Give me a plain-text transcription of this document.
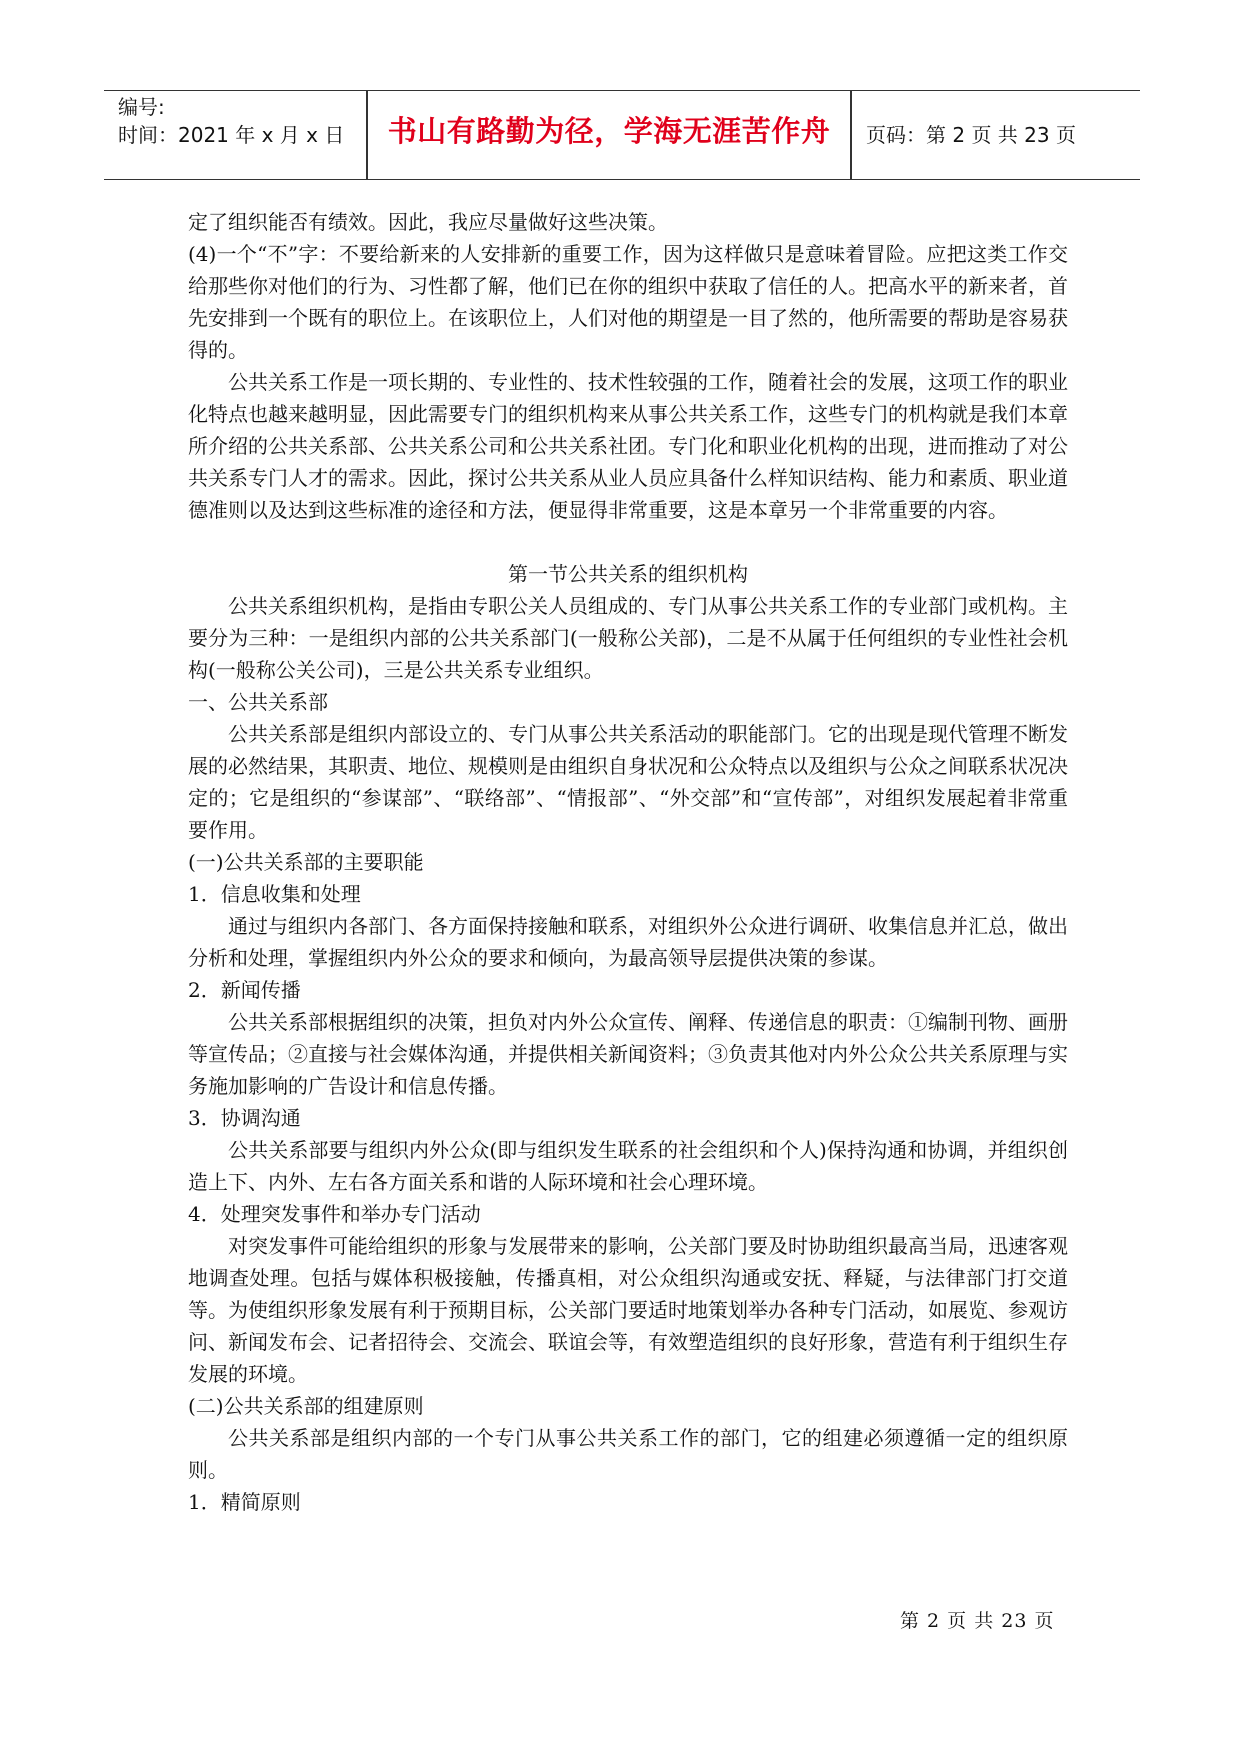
编号:
时间：2021 年 x 月 x 日	书山有路勤为径，学海无涯苦作舟	页码：第 2 页 共 23 页

定了组织能否有绩效。因此，我应尽量做好这些决策。

(4)一个“不”字：不要给新来的人安排新的重要工作，因为这样做只是意味着冒险。应把这类工作交给那些你对他们的行为、习性都了解，他们已在你的组织中获取了信任的人。把高水平的新来者，首先安排到一个既有的职位上。在该职位上，人们对他的期望是一目了然的，他所需要的帮助是容易获得的。

公共关系工作是一项长期的、专业性的、技术性较强的工作，随着社会的发展，这项工作的职业化特点也越来越明显，因此需要专门的组织机构来从事公共关系工作，这些专门的机构就是我们本章所介绍的公共关系部、公共关系公司和公共关系社团。专门化和职业化机构的出现，进而推动了对公共关系专门人才的需求。因此，探讨公共关系从业人员应具备什么样知识结构、能力和素质、职业道德准则以及达到这些标准的途径和方法，便显得非常重要，这是本章另一个非常重要的内容。

第一节公共关系的组织机构

公共关系组织机构，是指由专职公关人员组成的、专门从事公共关系工作的专业部门或机构。主要分为三种：一是组织内部的公共关系部门(一般称公关部)，二是不从属于任何组织的专业性社会机构(一般称公关公司)，三是公共关系专业组织。

一、公共关系部

公共关系部是组织内部设立的、专门从事公共关系活动的职能部门。它的出现是现代管理不断发展的必然结果，其职责、地位、规模则是由组织自身状况和公众特点以及组织与公众之间联系状况决定的；它是组织的“参谋部”、“联络部”、“情报部”、“外交部”和“宣传部”，对组织发展起着非常重要作用。

(一)公共关系部的主要职能

1．信息收集和处理

通过与组织内各部门、各方面保持接触和联系，对组织外公众进行调研、收集信息并汇总，做出分析和处理，掌握组织内外公众的要求和倾向，为最高领导层提供决策的参谋。

2．新闻传播

公共关系部根据组织的决策，担负对内外公众宣传、阐释、传递信息的职责：①编制刊物、画册等宣传品；②直接与社会媒体沟通，并提供相关新闻资料；③负责其他对内外公众公共关系原理与实务施加影响的广告设计和信息传播。

3．协调沟通

公共关系部要与组织内外公众(即与组织发生联系的社会组织和个人)保持沟通和协调，并组织创造上下、内外、左右各方面关系和谐的人际环境和社会心理环境。

4．处理突发事件和举办专门活动

对突发事件可能给组织的形象与发展带来的影响，公关部门要及时协助组织最高当局，迅速客观地调查处理。包括与媒体积极接触，传播真相，对公众组织沟通或安抚、释疑，与法律部门打交道等。为使组织形象发展有利于预期目标，公关部门要适时地策划举办各种专门活动，如展览、参观访问、新闻发布会、记者招待会、交流会、联谊会等，有效塑造组织的良好形象，营造有利于组织生存发展的环境。

(二)公共关系部的组建原则

公共关系部是组织内部的一个专门从事公共关系工作的部门，它的组建必须遵循一定的组织原则。

1．精简原则

第 2 页 共 23 页
